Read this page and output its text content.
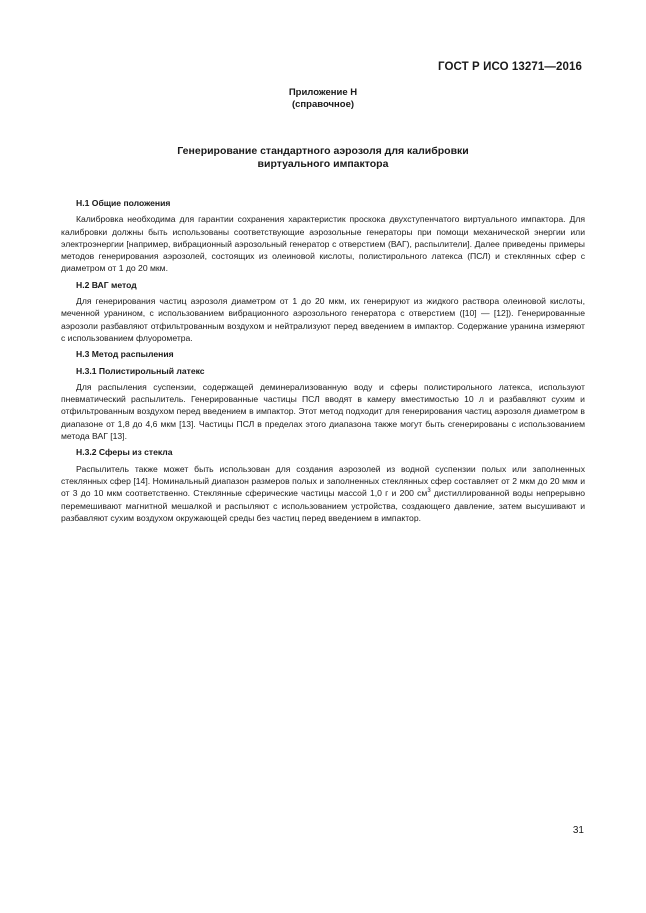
ГОСТ Р ИСО 13271—2016
Приложение Н
(справочное)
Генерирование стандартного аэрозоля для калибровки
виртуального импактора
Н.1 Общие положения
Калибровка необходима для гарантии сохранения характеристик проскока двухступенчатого виртуального импактора. Для калибровки должны быть использованы соответствующие аэрозольные генераторы при помощи механической энергии или электроэнергии [например, вибрационный аэрозольный генератор с отверстием (ВАГ), распылители]. Далее приведены примеры методов генерирования аэрозолей, состоящих из олеиновой кислоты, полистирольного латекса (ПСЛ) и стеклянных сфер с диаметром от 1 до 20 мкм.
Н.2 ВАГ метод
Для генерирования частиц аэрозоля диаметром от 1 до 20 мкм, их генерируют из жидкого раствора олеиновой кислоты, меченной уранином, с использованием вибрационного аэрозольного генератора с отверстием ([10] — [12]). Генерированные аэрозоли разбавляют отфильтрованным воздухом и нейтрализуют перед введением в импактор. Содержание уранина измеряют с использованием флуорометра.
Н.3 Метод распыления
Н.3.1 Полистирольный латекс
Для распыления суспензии, содержащей деминерализованную воду и сферы полистирольного латекса, используют пневматический распылитель. Генерированные частицы ПСЛ вводят в камеру вместимостью 10 л и разбавляют сухим и отфильтрованным воздухом перед введением в импактор. Этот метод подходит для генерирования частиц аэрозоля диаметром в диапазоне от 1,8 до 4,6 мкм [13]. Частицы ПСЛ в пределах этого диапазона также могут быть сгенерированы с использованием метода ВАГ [13].
Н.3.2 Сферы из стекла
Распылитель также может быть использован для создания аэрозолей из водной суспензии полых или заполненных стеклянных сфер [14]. Номинальный диапазон размеров полых и заполненных стеклянных сфер составляет от 2 мкм до 20 мкм и от 3 до 10 мкм соответственно. Стеклянные сферические частицы массой 1,0 г и 200 $см^3$ дистиллированной воды непрерывно перемешивают магнитной мешалкой и распыляют с использованием устройства, создающего давление, затем высушивают и разбавляют сухим воздухом окружающей среды без частиц перед введением в импактор.
31
